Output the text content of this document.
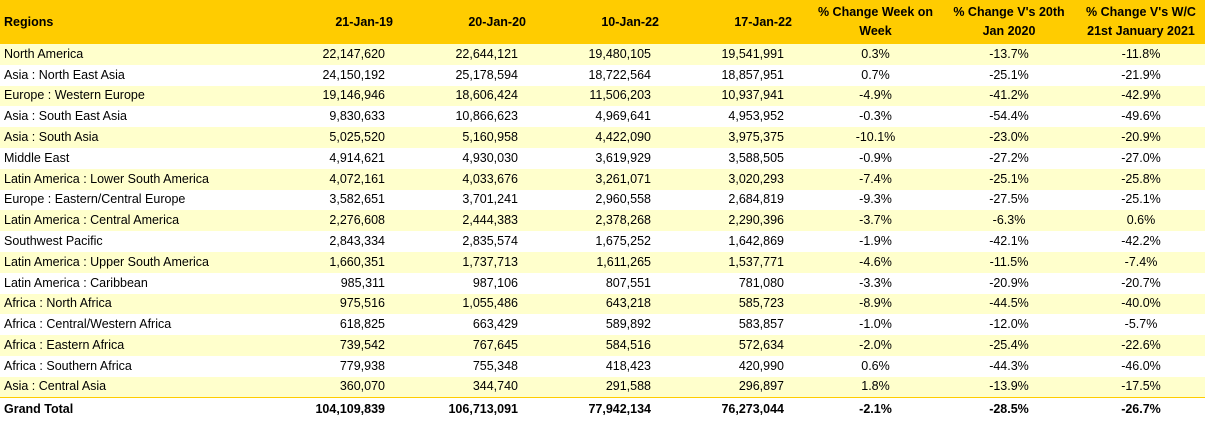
Regions	21-Jan-19	20-Jan-20	10-Jan-22	17-Jan-22	% Change Week on Week	% Change V's 20th Jan 2020	% Change V's W/C 21st January 2021
North America	22,147,620	22,644,121	19,480,105	19,541,991	0.3%	-13.7%	-11.8%
Asia : North East Asia	24,150,192	25,178,594	18,722,564	18,857,951	0.7%	-25.1%	-21.9%
Europe : Western Europe	19,146,946	18,606,424	11,506,203	10,937,941	-4.9%	-41.2%	-42.9%
Asia : South East Asia	9,830,633	10,866,623	4,969,641	4,953,952	-0.3%	-54.4%	-49.6%
Asia : South Asia	5,025,520	5,160,958	4,422,090	3,975,375	-10.1%	-23.0%	-20.9%
Middle East	4,914,621	4,930,030	3,619,929	3,588,505	-0.9%	-27.2%	-27.0%
Latin America : Lower South America	4,072,161	4,033,676	3,261,071	3,020,293	-7.4%	-25.1%	-25.8%
Europe : Eastern/Central Europe	3,582,651	3,701,241	2,960,558	2,684,819	-9.3%	-27.5%	-25.1%
Latin America : Central America	2,276,608	2,444,383	2,378,268	2,290,396	-3.7%	-6.3%	0.6%
Southwest Pacific	2,843,334	2,835,574	1,675,252	1,642,869	-1.9%	-42.1%	-42.2%
Latin America : Upper South America	1,660,351	1,737,713	1,611,265	1,537,771	-4.6%	-11.5%	-7.4%
Latin America : Caribbean	985,311	987,106	807,551	781,080	-3.3%	-20.9%	-20.7%
Africa : North Africa	975,516	1,055,486	643,218	585,723	-8.9%	-44.5%	-40.0%
Africa : Central/Western Africa	618,825	663,429	589,892	583,857	-1.0%	-12.0%	-5.7%
Africa : Eastern Africa	739,542	767,645	584,516	572,634	-2.0%	-25.4%	-22.6%
Africa : Southern Africa	779,938	755,348	418,423	420,990	0.6%	-44.3%	-46.0%
Asia : Central Asia	360,070	344,740	291,588	296,897	1.8%	-13.9%	-17.5%
Grand Total	104,109,839	106,713,091	77,942,134	76,273,044	-2.1%	-28.5%	-26.7%
